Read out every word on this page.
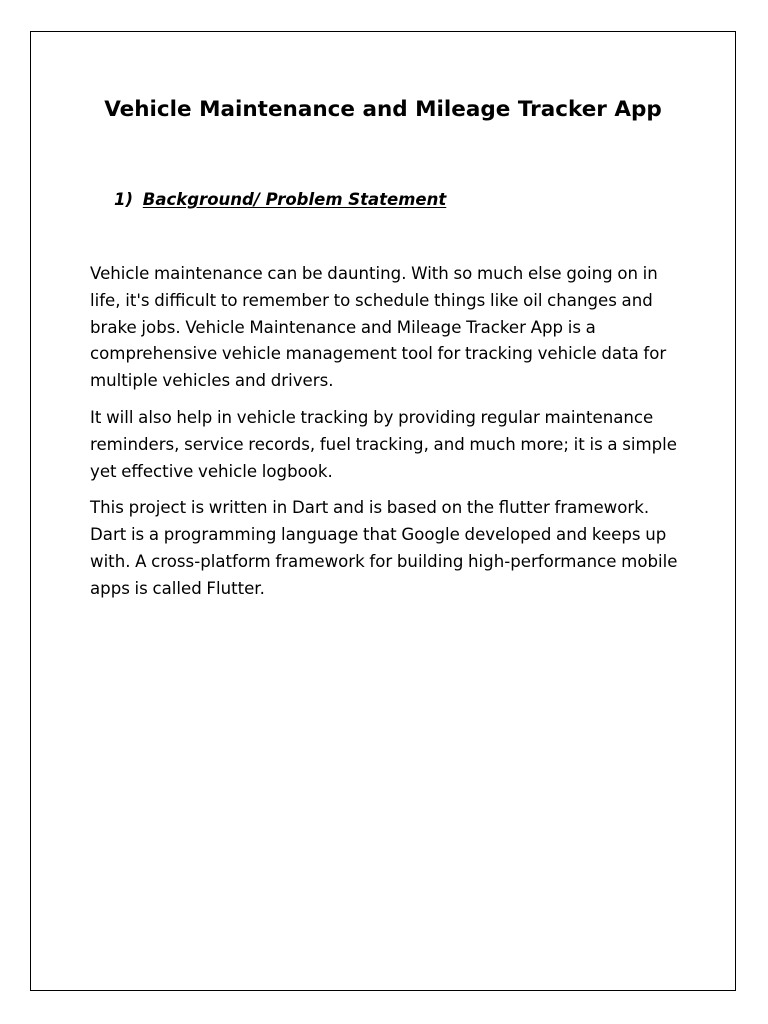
Vehicle Maintenance and Mileage Tracker App
1) Background/ Problem Statement

Vehicle maintenance can be daunting. With so much else going on in life, it's difficult to remember to schedule things like oil changes and brake jobs. Vehicle Maintenance and Mileage Tracker App is a comprehensive vehicle management tool for tracking vehicle data for multiple vehicles and drivers.

It will also help in vehicle tracking by providing regular maintenance reminders, service records, fuel tracking, and much more; it is a simple yet effective vehicle logbook.

This project is written in Dart and is based on the flutter framework. Dart is a programming language that Google developed and keeps up with. A cross-platform framework for building high-performance mobile apps is called Flutter.
